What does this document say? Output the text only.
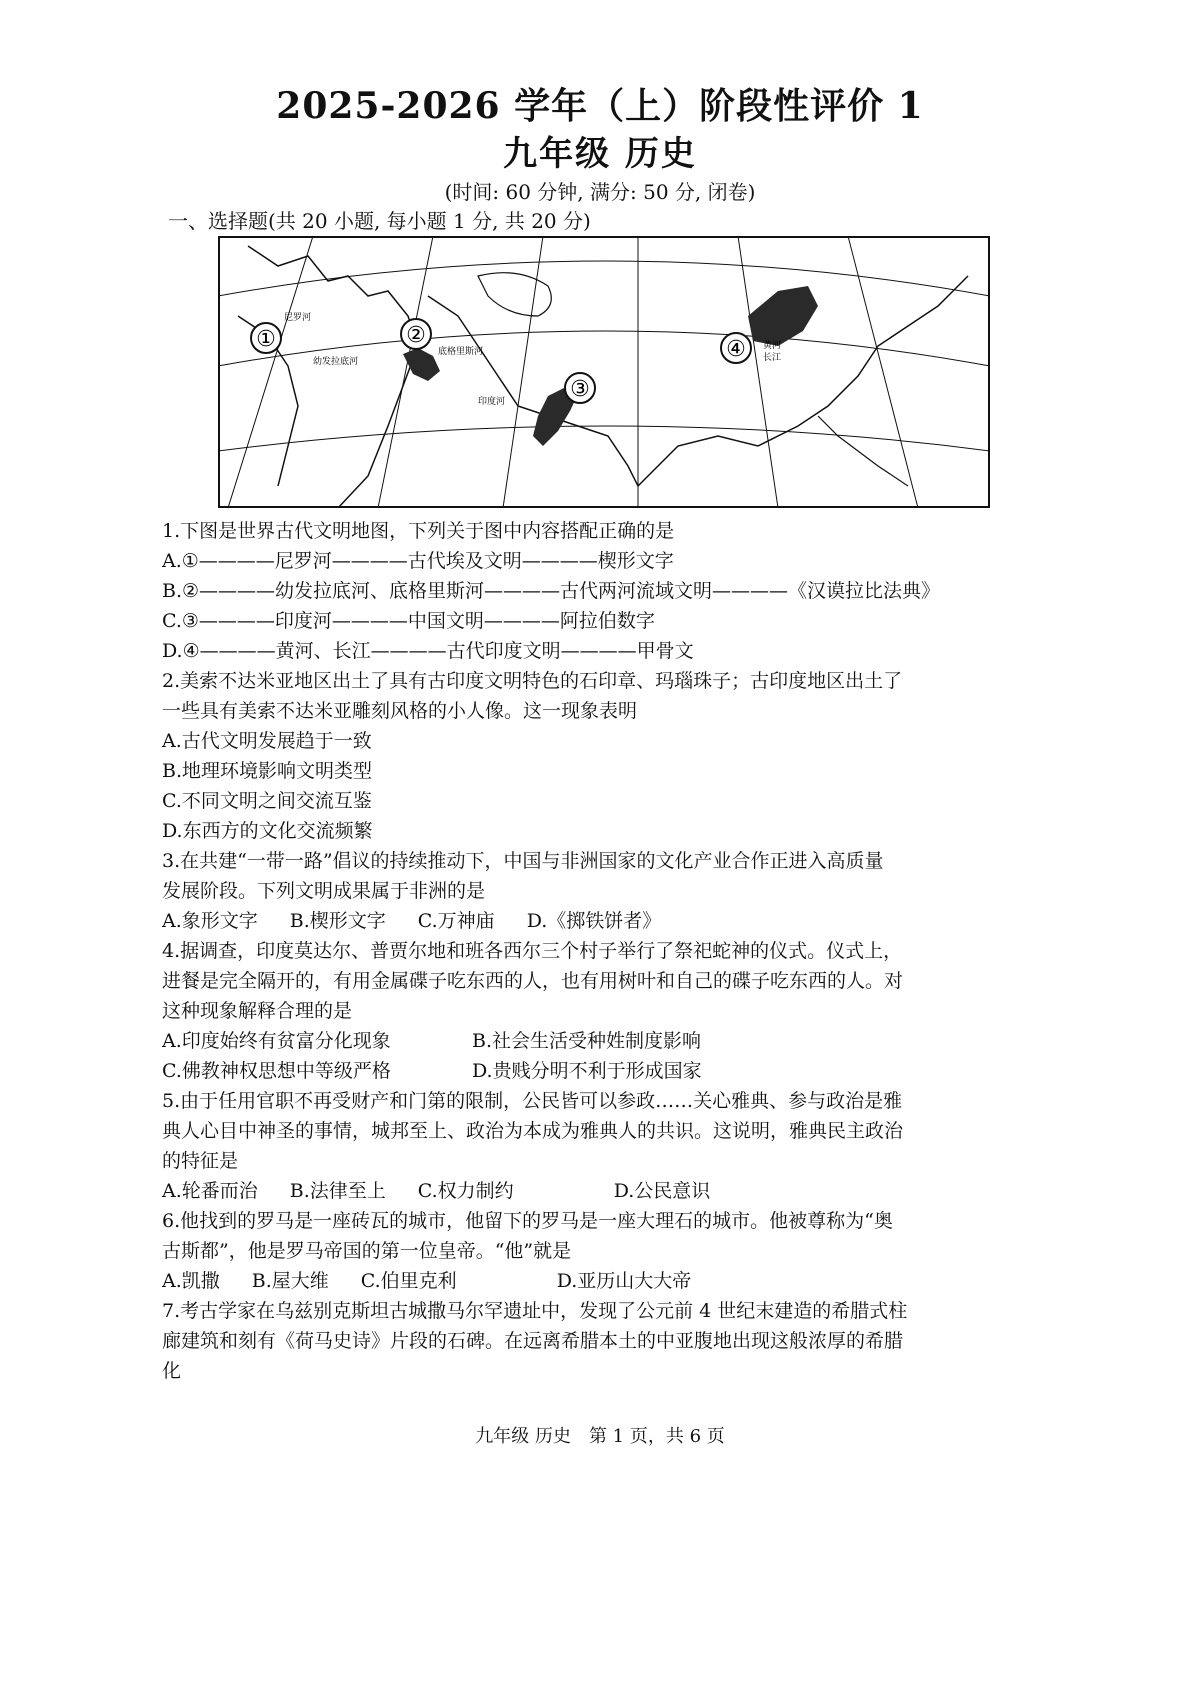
2025-2026 学年（上）阶段性评价 1
九年级 历史
(时间: 60 分钟, 满分: 50 分, 闭卷)
一、选择题(共 20 小题, 每小题 1 分, 共 20 分)
①	②
③
④
尼罗河
幼发拉底河
底格里斯河
印度河
黄河
长江
1.下图是世界古代文明地图，下列关于图中内容搭配正确的是
A.①————尼罗河————古代埃及文明————楔形文字
B.②————幼发拉底河、底格里斯河————古代两河流域文明————《汉谟拉比法典》
C.③————印度河————中国文明————阿拉伯数字
D.④————黄河、长江————古代印度文明————甲骨文
2.美索不达米亚地区出土了具有古印度文明特色的石印章、玛瑙珠子；古印度地区出土了
一些具有美索不达米亚雕刻风格的小人像。这一现象表明
A.古代文明发展趋于一致
B.地理环境影响文明类型
C.不同文明之间交流互鉴
D.东西方的文化交流频繁
3.在共建“一带一路”倡议的持续推动下，中国与非洲国家的文化产业合作正进入高质量
发展阶段。下列文明成果属于非洲的是
A.象形文字 B.楔形文字 C.万神庙 D.《掷铁饼者》
4.据调查，印度莫达尔、普贾尔地和班各西尔三个村子举行了祭祀蛇神的仪式。仪式上，
进餐是完全隔开的，有用金属碟子吃东西的人，也有用树叶和自己的碟子吃东西的人。对
这种现象解释合理的是
A.印度始终有贫富分化现象	B.社会生活受种姓制度影响
C.佛教神权思想中等级严格	D.贵贱分明不利于形成国家
5.由于任用官职不再受财产和门第的限制，公民皆可以参政……关心雅典、参与政治是雅
典人心目中神圣的事情，城邦至上、政治为本成为雅典人的共识。这说明，雅典民主政治
的特征是
A.轮番而治 B.法律至上 C.权力制约	D.公民意识
6.他找到的罗马是一座砖瓦的城市，他留下的罗马是一座大理石的城市。他被尊称为“奥
古斯都”，他是罗马帝国的第一位皇帝。“他”就是
A.凯撒 B.屋大维 C.伯里克利	D.亚历山大大帝
7.考古学家在乌兹别克斯坦古城撒马尔罕遗址中，发现了公元前 4 世纪末建造的希腊式柱
廊建筑和刻有《荷马史诗》片段的石碑。在远离希腊本土的中亚腹地出现这般浓厚的希腊
化
九年级 历史　第 1 页，共 6 页
